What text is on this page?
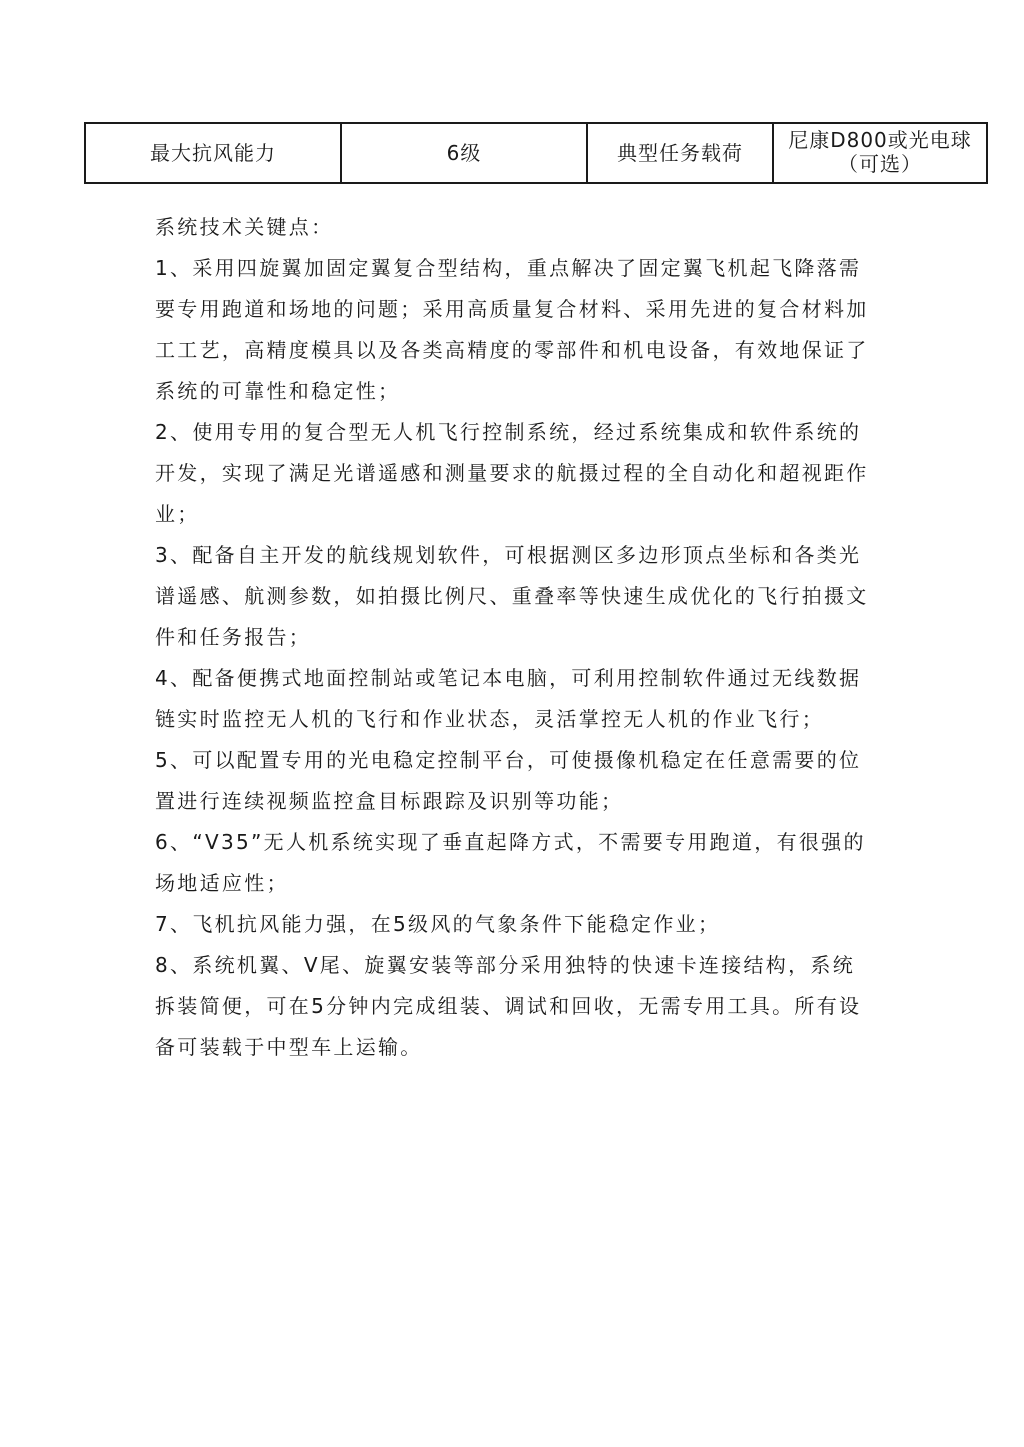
最大抗风能力	6级	典型任务载荷	尼康D800或光电球（可选）

系统技术关键点：

1、采用四旋翼加固定翼复合型结构，重点解决了固定翼飞机起飞降落需要专用跑道和场地的问题；采用高质量复合材料、采用先进的复合材料加工工艺，高精度模具以及各类高精度的零部件和机电设备，有效地保证了系统的可靠性和稳定性；

2、使用专用的复合型无人机飞行控制系统，经过系统集成和软件系统的开发，实现了满足光谱遥感和测量要求的航摄过程的全自动化和超视距作业；

3、配备自主开发的航线规划软件，可根据测区多边形顶点坐标和各类光谱遥感、航测参数，如拍摄比例尺、重叠率等快速生成优化的飞行拍摄文件和任务报告；

4、配备便携式地面控制站或笔记本电脑，可利用控制软件通过无线数据链实时监控无人机的飞行和作业状态，灵活掌控无人机的作业飞行；

5、可以配置专用的光电稳定控制平台，可使摄像机稳定在任意需要的位置进行连续视频监控盒目标跟踪及识别等功能；

6、“V35”无人机系统实现了垂直起降方式，不需要专用跑道，有很强的场地适应性；

7、飞机抗风能力强，在5级风的气象条件下能稳定作业；

8、系统机翼、V尾、旋翼安装等部分采用独特的快速卡连接结构，系统拆装简便，可在5分钟内完成组装、调试和回收，无需专用工具。所有设备可装载于中型车上运输。
